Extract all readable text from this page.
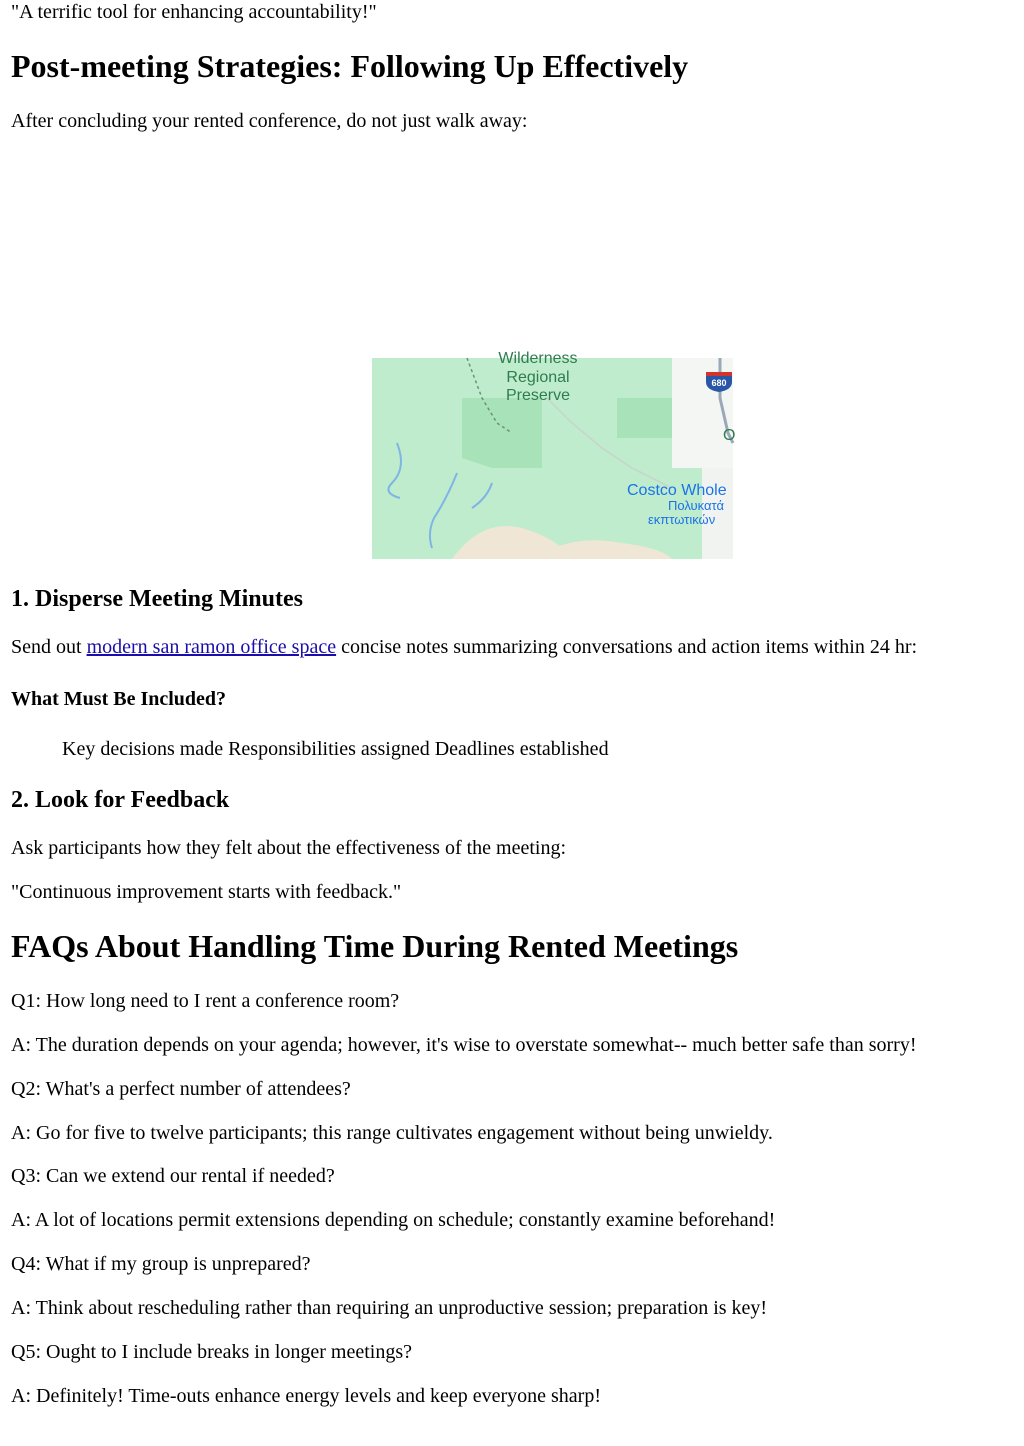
"A terrific tool for enhancing accountability!"

Post-meeting Strategies: Following Up Effectively

After concluding your rented conference, do not just walk away:

680
Wilderness
Regional
Preserve
O
Costco Whole
Πολυκατά
εκπτωτικών
1. Disperse Meeting Minutes

Send out modern san ramon office space concise notes summarizing conversations and action items within 24 hr:

What Must Be Included?

Key decisions made Responsibilities assigned Deadlines established

2. Look for Feedback

Ask participants how they felt about the effectiveness of the meeting:

"Continuous improvement starts with feedback."

FAQs About Handling Time During Rented Meetings

Q1: How long need to I rent a conference room?

A: The duration depends on your agenda; however, it's wise to overstate somewhat-- much better safe than sorry!

Q2: What's a perfect number of attendees?

A: Go for five to twelve participants; this range cultivates engagement without being unwieldy.

Q3: Can we extend our rental if needed?

A: A lot of locations permit extensions depending on schedule; constantly examine beforehand!

Q4: What if my group is unprepared?

A: Think about rescheduling rather than requiring an unproductive session; preparation is key!

Q5: Ought to I include breaks in longer meetings?

A: Definitely! Time-outs enhance energy levels and keep everyone sharp!
